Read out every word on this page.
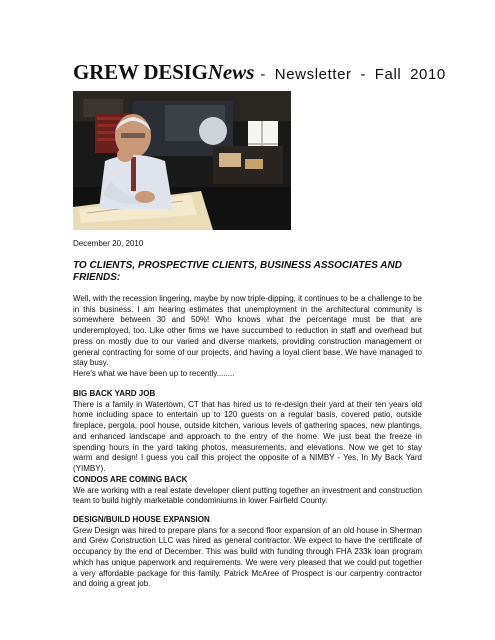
GREW DESIGNews - Newsletter - Fall 2010
December 20, 2010
TO CLIENTS, PROSPECTIVE CLIENTS, BUSINESS ASSOCIATES AND FRIENDS:

Well, with the recession lingering, maybe by now triple-dipping, it continues to be a challenge to be in this business. I am hearing estimates that unemployment in the architectural community is somewhere between 30 and 50%! Who knows what the percentage must be that are underemployed, too. Like other firms we have succumbed to reduction in staff and overhead but press on mostly due to our varied and diverse markets, providing construction management or general contracting for some of our projects, and having a loyal client base. We have managed to stay busy.

Here's what we have been up to recently........

BIG BACK YARD JOB

There is a family in Watertown, CT that has hired us to re-design their yard at their ten years old home including space to entertain up to 120 guests on a regular basis, covered patio, outside fireplace, pergola, pool house, outside kitchen, various levels of gathering spaces, new plantings, and enhanced landscape and approach to the entry of the home. We just beat the freeze in spending hours in the yard taking photos, measurements, and elevations. Now we get to stay warm and design! I guess you call this project the opposite of a NIMBY - Yes, In My Back Yard (YIMBY).

CONDOS ARE COMING BACK

We are working with a real estate developer client putting together an investment and construction team to build highly marketable condominiums in lower Fairfield County.

DESIGN/BUILD HOUSE EXPANSION

Grew Design was hired to prepare plans for a second floor expansion of an old house in Sherman and Grew Construction LLC was hired as general contractor. We expect to have the certificate of occupancy by the end of December. This was build with funding through FHA 233k loan program which has unique paperwork and requirements. We were very pleased that we could put together a very affordable package for this family. Patrick McAree of Prospect is our carpentry contractor and doing a great job.
